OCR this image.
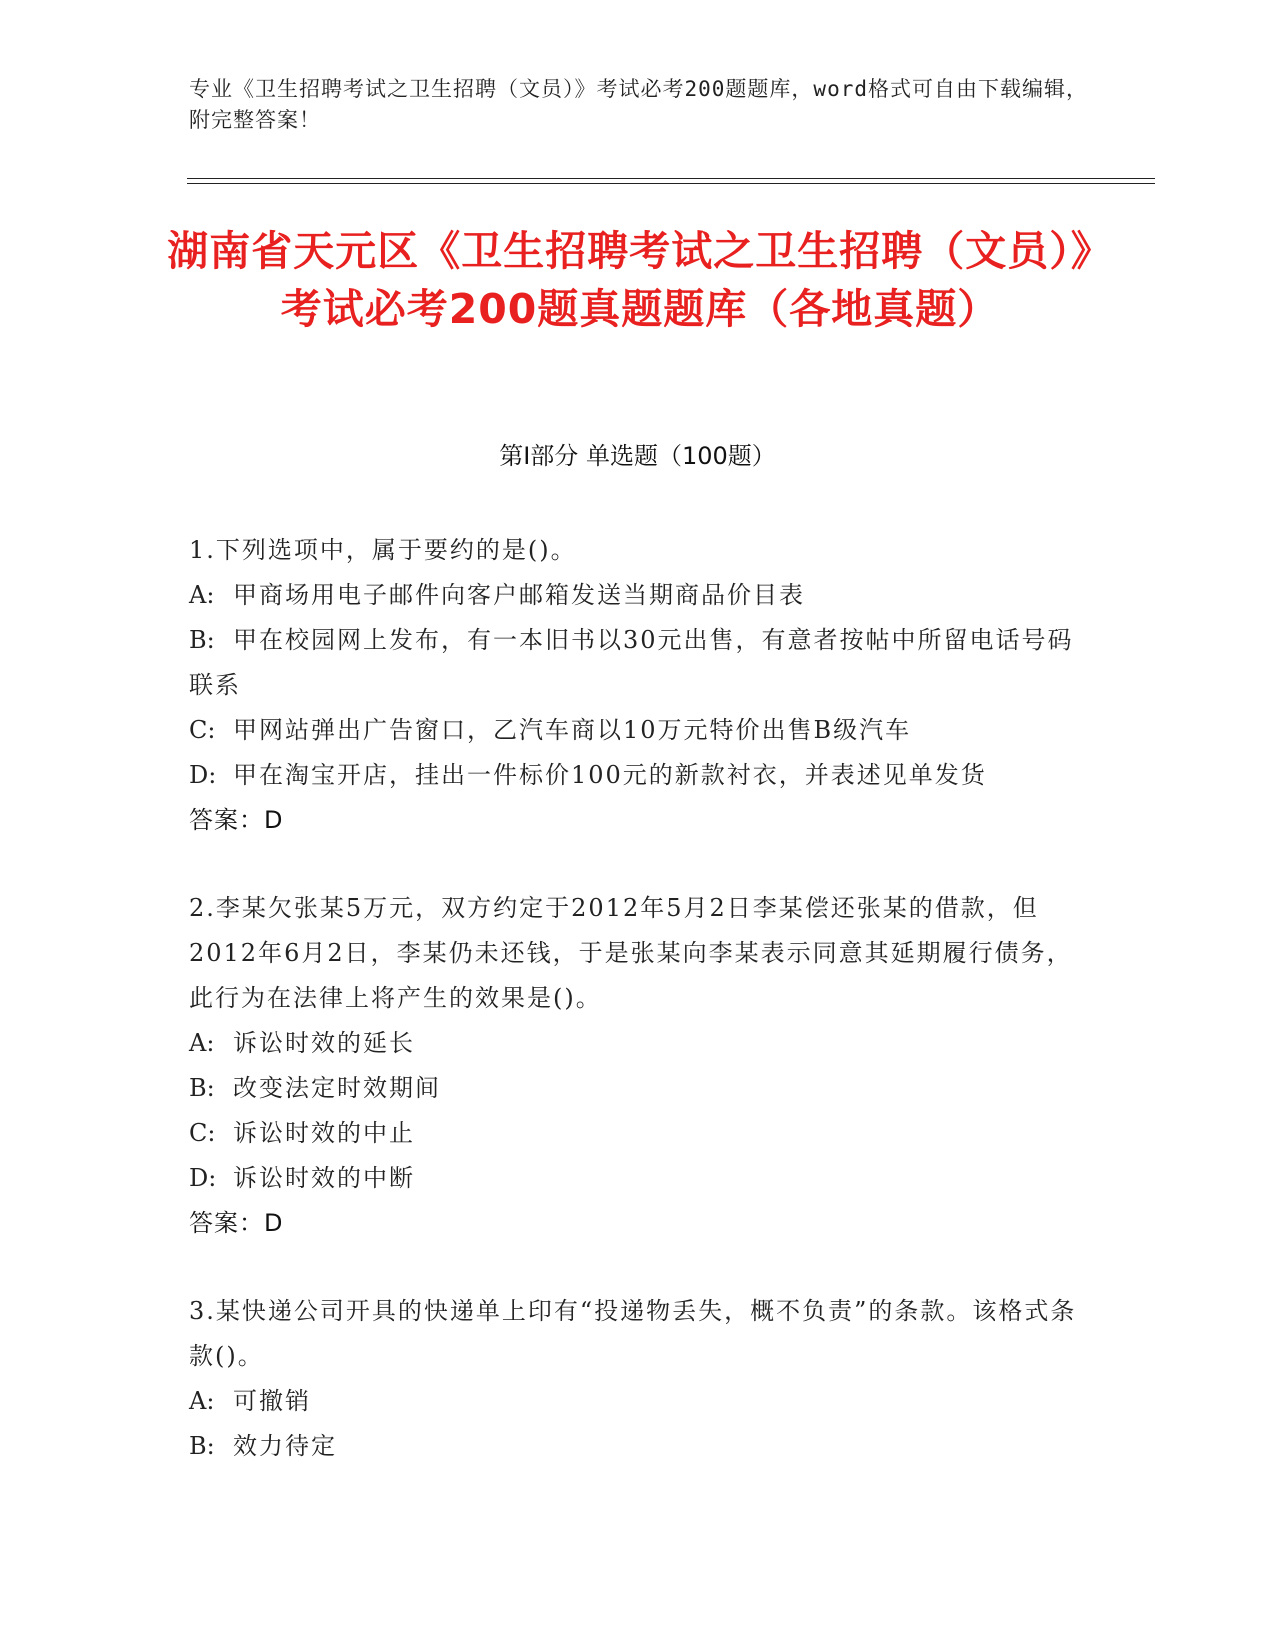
专业《卫生招聘考试之卫生招聘（文员）》考试必考200题题库，word格式可自由下载编辑，附完整答案！
湖南省天元区《卫生招聘考试之卫生招聘（文员）》考试必考200题真题题库（各地真题）
第I部分 单选题（100题）
1.下列选项中，属于要约的是()。
A: 甲商场用电子邮件向客户邮箱发送当期商品价目表
B: 甲在校园网上发布，有一本旧书以30元出售，有意者按帖中所留电话号码联系
C: 甲网站弹出广告窗口，乙汽车商以10万元特价出售B级汽车
D: 甲在淘宝开店，挂出一件标价100元的新款衬衣，并表述见单发货
答案：D
2.李某欠张某5万元，双方约定于2012年5月2日李某偿还张某的借款，但2012年6月2日，李某仍未还钱，于是张某向李某表示同意其延期履行债务，此行为在法律上将产生的效果是()。
A: 诉讼时效的延长
B: 改变法定时效期间
C: 诉讼时效的中止
D: 诉讼时效的中断
答案：D
3.某快递公司开具的快递单上印有“投递物丢失，概不负责”的条款。该格式条款()。
A: 可撤销
B: 效力待定
